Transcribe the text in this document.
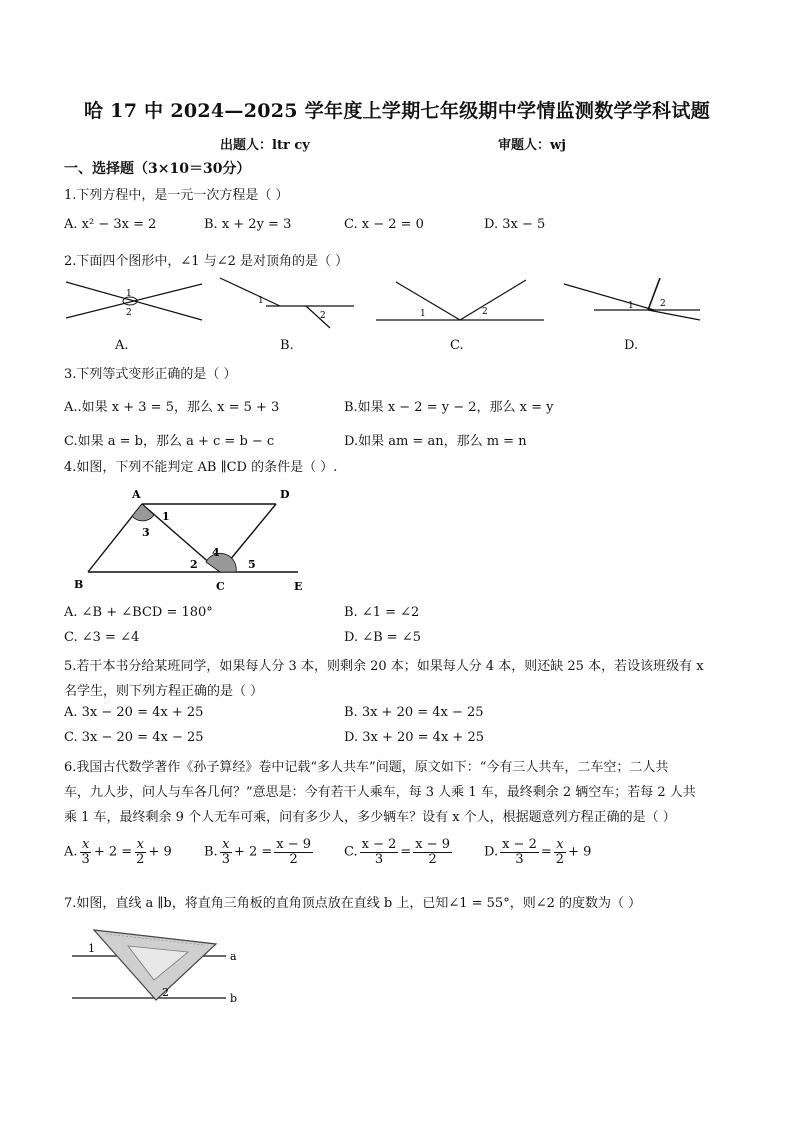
哈 17 中 2024—2025 学年度上学期七年级期中学情监测数学学科试题
出题人：ltr cy	审题人：wj
一、选择题（3×10＝30分）
1.下列方程中，是一元一次方程是（ ）
A. x² − 3x = 2	B. x + 2y = 3	C. x − 2 = 0	D. 3x − 5
2.下面四个图形中，∠1 与∠2 是对顶角的是（ ）
1
2
1
2	1	2
1	2
A.	B.	C.	D.
3.下列等式变形正确的是（ ）
A..如果 x + 3 = 5，那么 x = 5 + 3	B.如果 x − 2 = y − 2，那么 x = y
C.如果 a = b，那么 a + c = b − c	D.如果 am = an，那么 m = n
4.如图，下列不能判定 AB ∥CD 的条件是（ ）.
A	D
B	C	E
1
2
3
4
5
A. ∠B + ∠BCD = 180°	B. ∠1 = ∠2
C. ∠3 = ∠4	D. ∠B = ∠5
5.若干本书分给某班同学，如果每人分 3 本，则剩余 20 本；如果每人分 4 本，则还缺 25 本，若设该班级有 x
名学生，则下列方程正确的是（ ）
A. 3x − 20 = 4x + 25	B. 3x + 20 = 4x − 25
C. 3x − 20 = 4x − 25	D. 3x + 20 = 4x + 25
6.我国古代数学著作《孙子算经》卷中记载“多人共车”问题，原文如下：“今有三人共车，二车空；二人共
车，九人步，问人与车各几何？”意思是：今有若干人乘车，每 3 人乘 1 车，最终剩余 2 辆空车；若每 2 人共
乘 1 车，最终剩余 9 个人无车可乘，问有多少人，多少辆车？设有 x 个人，根据题意列方程正确的是（ ）
A. $\frac{x}{3} + 2 = \frac{x}{2} + 9$ B. $\frac{x}{3} + 2 = \frac{x - 9}{2} C$. $\frac{x - 2}{3} = \frac{x - 9}{2} D$. $\frac{x - 2}{3} = \frac{x}{2} + 9$
7.如图，直线 a ∥b，将直角三角板的直角顶点放在直线 b 上，已知∠1 = 55°，则∠2 的度数为（ ）
1
2
a
b
